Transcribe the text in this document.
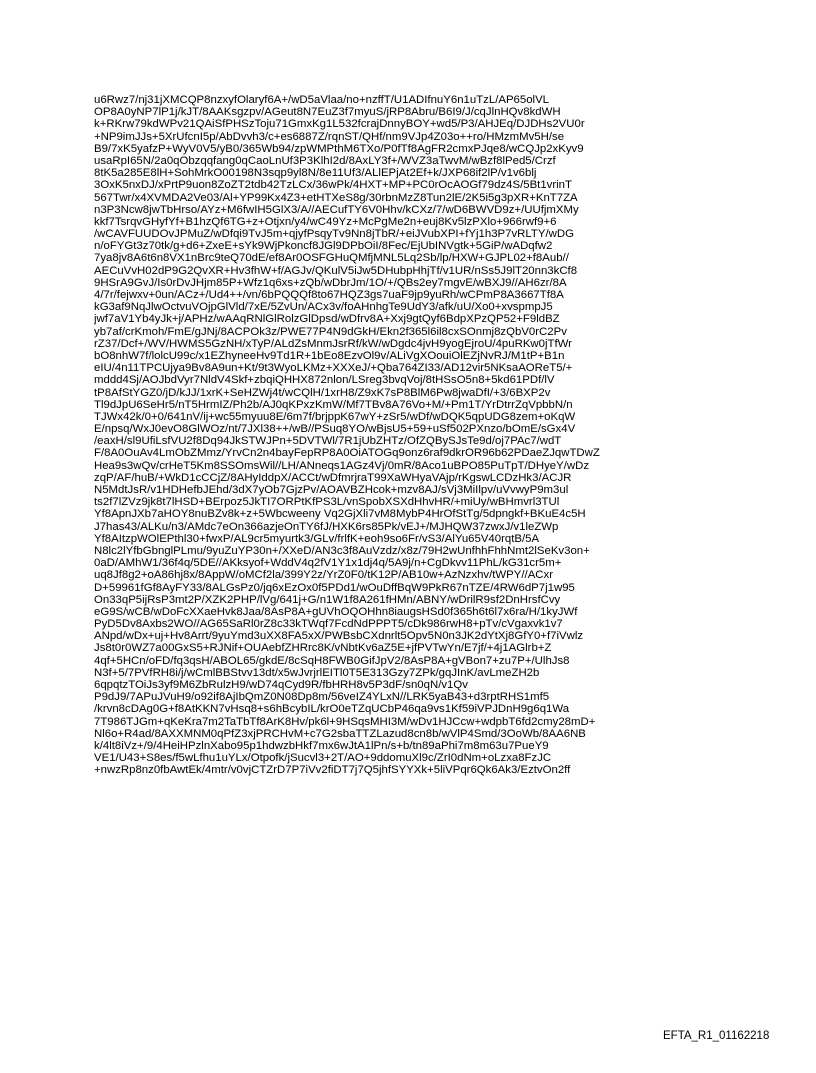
u6Rwz7/nj31jXMCQP8nzxyfOlaryf6A+/wD5aVlaa/no+nzffT/U1ADIfnuY6n1uTzL/AP65olVL
OP8A0yNP7lP1j/kJT/8AAKsgzpv/AGeut8N7EuZ3f7myuS/jRP8Abru/B6I9/J/cqJlnHQv8kdWH
k+RKrw79kdWPv21QAiSfPHSzToju71GmxKg1L532fcrajDnnyBOY+wd5/P3/AHJEq/DJDHs2VU0r
+NP9imJJs+5XrUfcnI5p/AbDvvh3/c+es6887Z/rqnST/QHf/nm9VJp4Z03o++ro/HMzmMv5H/se
B9/7xK5yafzP+WyV0V5/yB0/365Wb94/zpWMPthM6TXo/P0fTf8AgFR2cmxPJqe8/wCQJp2xKyv9
usaRpI65N/2a0qObzqqfang0qCaoLnUf3P3KlhI2d/8AxLY3f+/WVZ3aTwvM/wBzf8lPed5/Crzf
8tK5a285E8lH+SohMrkO00198N3sqp9yl8N/8e11Uf3/ALlEPjAt2Ef+k/JXP68if2lP/v1v6blj
3OxK5nxDJ/xPrtP9uon8ZoZT2tdb42TzLCx/36wPk/4HXT+MP+PC0rOcAOGf79dz4S/5Bt1vrinT
567Twr/x4XVMDA2Ve03/Al+YP99Kx4Z3+etHTXeS8g/30rbnMzZ8Tun2lE/2K5i5g3pXR+KnT7ZA
n3P3Ncw8jwTbHrso/AYz+M6fwIH5GlX3/A//AECufTY6V0Hhv/kCXz/7/wD6BWVD9z+/UUfjmXMy
kkf7TsrqvGHyfYf+B1hzQf6TG+z+Otjxn/y4/wC49Yz+McPgMe2n+euj8Kv5lzPXlo+966rwf9+6
/wCAVFUUDOvJPMuZ/wDfqi9TvJ5m+qjyfPsqyTv9Nn8jTbR/+eiJVubXPI+fYj1h3P7vRLTY/wDG
n/oFYGt3z70tk/g+d6+ZxeE+sYk9WjPkoncf8JGl9DPbOiI/8Fec/EjUbINVgtk+5GiP/wADqfw2
7ya8jv8A6t6n8VX1nBrc9teQ70dE/ef8Ar0OSFGHuQMfjMNL5Lq2Sb/lp/HXW+GJPL02+f8Aub//
AECuVvH02dP9G2QvXR+Hv3fhW+f/AGJv/QKulV5iJw5DHubpHhjTf/v1UR/nSs5J9lT20nn3kCf8
9HSrA9GvJ/Is0rDvJHjm85P+Wfz1q6xs+zQb/wDbrJm/1O/+/QBs2ey7mgvE/wBXJ9//AH6zr/8A
4/7r/fejwxv+0un/ACz+/Ud4++/vn/6bPQQQf8to67HQZ3gs7uaF9jp9yuRh/wCPmP8A3667Tf8A
kG3af9NqJlwOctvuVOjpGlVld/7xE/5ZvUn/ACx3v/foAHnhgTe9UdY3/afk/uU/Xo0+xvspmpJ5
jwf7aV1Yb4yJk+j/APHz/wAAqRNlGlRolzGlDpsd/wDfrv8A+Xxj9gtQyf6BdpXPzQP52+F9ldBZ
yb7af/crKmoh/FmE/gJNj/8ACPOk3z/PWE77P4N9dGkH/Ekn2f365l6il8cxSOnmj8zQbV0rC2Pv
rZ37/Dcf+/WV/HWMS5GzNH/xTyP/ALdZsMnmJsrRf/kW/wDgdc4jvH9yogEjroU/4puRKw0jTfWr
bO8nhW7f/lolcU99c/x1EZhyneeHv9Td1R+1bEo8EzvOl9v/ALiVgXOouiOlEZjNvRJ/M1tP+B1n
eIU/4n11TPCUjya9Bv8A9un+Kt/9t3WyoLKMz+XXXeJ/+Qba764ZI33/AD12vir5NKsaAOReT5/+
mddd4Sj/AOJbdVyr7NldV4Skf+zbqiQHHX872nlon/LSreg3bvqVoj/8tHSsO5n8+5kd61PDf/lV
tP8AfStYGZ0/jD/kJJ/1xrK+SeHZWj4t/wCQlH/1xrH8/Z9xK7sP8BlM6Pw8jwaDfI/+3/6BXP2v
Tl9dJpU6SeHr5/nT5HrmIZ/Ph2b/AJ0qKPxzKmW/Mf7TBv8A76Vo+M/+Pm1T/YrDtrrZqVpbbN/n
TJWx42k/0+0/641nV/ij+wc55myuu8E/6m7f/brjppK67wY+zSr5/wDf/wDQK5qpUDG8zem+oKqW
E/npsq/WxJ0evO8GlWOz/nt/7JXl38++/wB//PSuq8YO/wBjsU5+59+uSf502PXnzo/bOmE/sGx4V
/eaxH/sl9UfiLsfVU2f8Dq94JkSTWJPn+5DVTWl/7R1jUbZHTz/OfZQBySJsTe9d/oj7PAc7/wdT
F/8A0OuAv4LmObZMmz/YrvCn2n4bayFepRP8A0OiATOGq9onz6raf9dkrOR96b62PDaeZJqwTDwZ
Hea9s3wQv/crHeT5Km8SSOmsWil//LH/ANneqs1AGz4Vj/0mR/8Aco1uBPO85PuTpT/DHyeY/wDz
zqP/AF/huB/+WkD1cCCjZ/8AHyIddpX/ACCt/wDfmrjraT99XaWHyaVAjp/rKgswLCDzHk3/ACJR
N5MdtJsR/v1HDHefbJEhd/3dX7yOb7GjzPv/AOAVBZHcok+mzv8AJ/sVj3MiIlpv/uVvwyP9m3ul
ts2f7lZVz9jk8t7lHSD+BErpoz5JkTI7ORPtKfPS3L/vnSpobXSXdHhvHR/+miUy/wBHmvrl3TUl
Yf8ApnJXb7aHOY8nuBZv8k+z+5Wbcweeny Vq2GjXli7vM8MybP4HrOfStTg/5dpngkf+BKuE4c5H
J7has43/ALKu/n3/AMdc7eOn366azjeOnTY6fJ/HXK6rs85Pk/vEJ+/MJHQW37zwxJ/v1leZWp
Yf8AItzpWOlEPthl30+fwxP/AL9cr5myurtk3/GLv/frlfK+eoh9so6Fr/vS3/AlYu65V40rqtB/5A
N8lc2lYfbGbnglPLmu/9yuZuYP30n+/XXeD/AN3c3f8AuVzdz/x8z/79H2wUnfhhFhhNmt2lSeKv3on+
0aD/AMhW1/36f4q/5DE//AKksyof+WddV4q2fV1Y1x1dj4q/5A9j/n+CgDkvv11PhL/kG31cr5m+
uq8Jf8g2+oA86hj8x/8AppW/oMCf2la/399Y2z/YrZ0F0/tK12P/AB10w+AzNzxhv/tWPY//ACxr
D+59961fGf8AyFY33/8ALGsPz0/jq6xEzOx0f5PDd1/wOuDffBqW9PkR67nTZE/4RW6dP7j1w95
On33qP5ijRsP3mt2P/XZK2PHP/lVg/641j+G/n1W1f8A261fHMn/ABNY/wDrilR9sf2DnHrsfCvy
eG9S/wCB/wDoFcXXaeHvk8Jaa/8AsP8A+gUVhOQOHhn8iaugsHSd0f365h6t6l7x6ra/H/1kyJWf
PyD5Dv8Axbs2WO//AG65SaRl0rZ8c33kTWqf7FcdNdPPPT5/cDk986rwH8+pTv/cVgaxvk1v7
ANpd/wDx+uj+Hv8Arrt/9yuYmd3uXX8FA5xX/PWBsbCXdnrlt5Opv5N0n3JK2dYtXj8GfY0+f7iVwlz
Js8t0r0WZ7a00GxS5+RJNif+OUAebfZHRrc8K/vNbtKv6aZ5E+jfPVTwYn/E7jf/+4j1AGlrb+Z
4qf+5HCn/oFD/fq3qsH/ABOL65/gkdE/8cSqH8FWB0GifJpV2/8AsP8A+gVBon7+zu7P+/UlhJs8
N3f+5/7PVfRH8i/j/wCmlBBStvv13dt/x5wJvrjrlEITl0T5E313Gzy7ZPk/gqJInK/avLmeZH2b
6qpqtzTOiJs3yf9M6ZbRulzH9/wD74qCyd9R/fbHRH8v5P3dF/sn0qN/v1Qv
P9dJ9/7APuJVuH9/o92if8AjIbQmZ0N08Dp8m/56veIZ4YLxN//LRK5yaB43+d3rptRHS1mf5
/krvn8cDAg0G+f8AtKKN7vHsq8+s6hBcybIL/krO0eTZqUCbP46qa9vs1Kf59iVPJDnH9g6q1Wa
7T986TJGm+qKeKra7m2TaTbTf8ArK8Hv/pk6l+9HSqsMHI3M/wDv1HJCcw+wdpbT6fd2cmy28mD+
Nl6o+R4ad/8AXXMNM0qPfZ3xjPRCHvM+c7G2sbaTTZLazud8cn8b/wVlP4Smd/3OoWb/8AA6NB
k/4lt8iVz+/9/4HeiHPzlnXabo95p1hdwzbHkf7mx6wJtA1lPn/s+b/tn89aPhi7m8m63u7PueY9
VE1/U43+S8es/f5wLfhu1uYLx/Otpofk/jSucvl3+2T/AO+9ddomuXl9c/ZrI0dNm+oLzxa8FzJC
+nwzRp8nz0fbAwtEk/4mtr/v0vjCTZrD7P7iVv2fiDT7j7Q5jhfSYYXk+5liVPqr6Qk6Ak3/EztvOn2ff
EFTA_R1_01162218
